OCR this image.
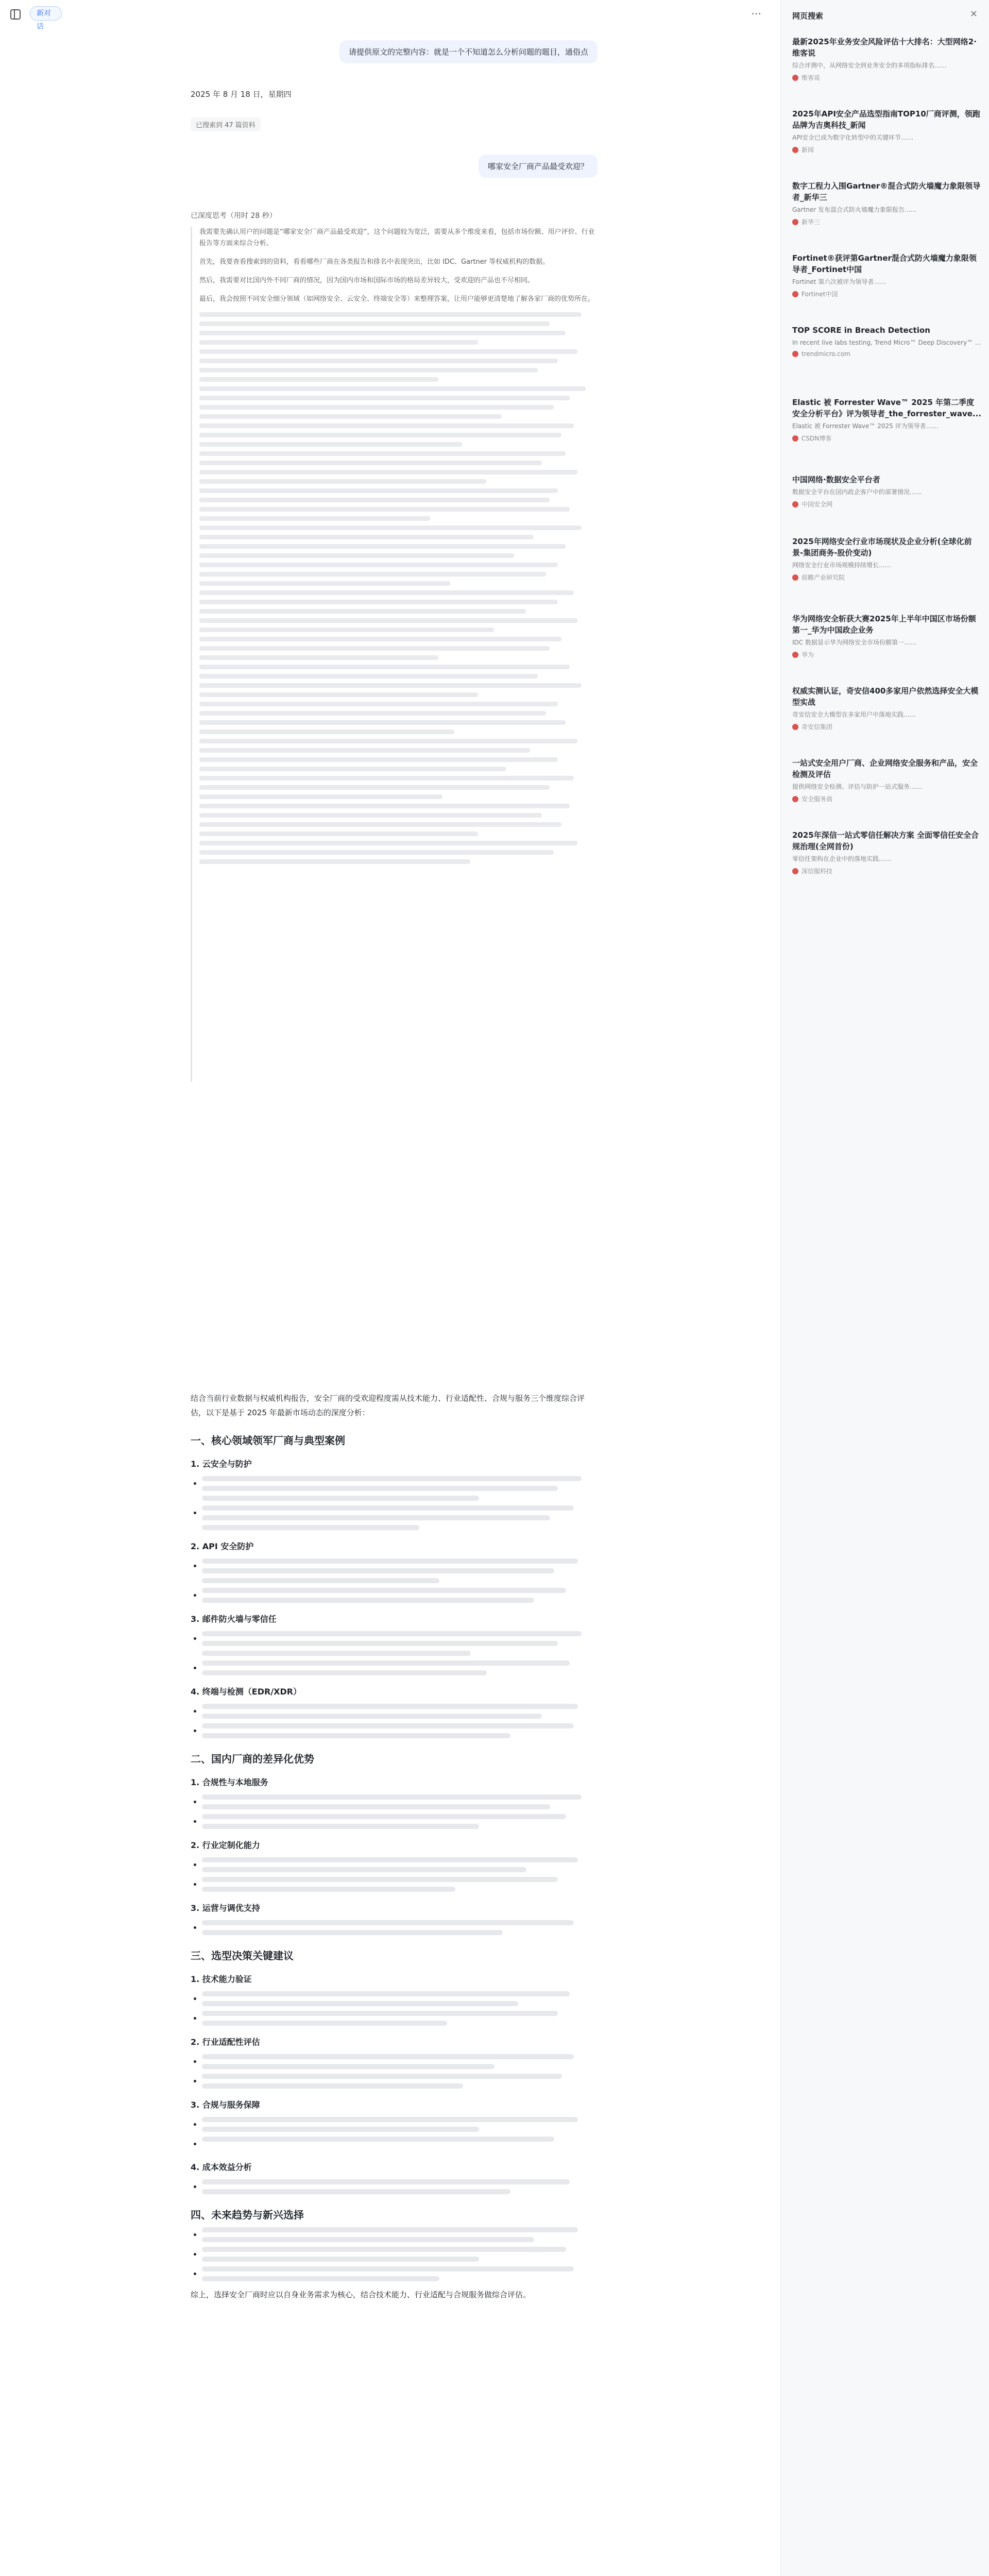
新对话
请提供原文的完整内容：就是一个不知道怎么分析问题的题目，通俗点
2025 年 8 月 18 日，星期四
已搜索到 47 篇资料
哪家安全厂商产品最受欢迎？
已深度思考（用时 28 秒）

我需要先确认用户的问题是“哪家安全厂商产品最受欢迎”，这个问题较为宽泛，需要从多个维度来看，包括市场份额、用户评价、行业报告等方面来综合分析。

首先，我要查看搜索到的资料，看看哪些厂商在各类报告和排名中表现突出，比如 IDC、Gartner 等权威机构的数据。

然后，我需要对比国内外不同厂商的情况，因为国内市场和国际市场的格局差异较大，受欢迎的产品也不尽相同。

最后，我会按照不同安全细分领域（如网络安全、云安全、终端安全等）来整理答案，让用户能够更清楚地了解各家厂商的优势所在。

结合当前行业数据与权威机构报告，安全厂商的受欢迎程度需从技术能力、行业适配性、合规与服务三个维度综合评估，以下是基于 2025 年最新市场动态的深度分析：

一、核心领域领军厂商与典型案例
1. 云安全与防护
•
•
2. API 安全防护
•
•
3. 邮件防火墙与零信任
•
•
4. 终端与检测（EDR/XDR）
•
•
二、国内厂商的差异化优势
1. 合规性与本地服务
•
•
2. 行业定制化能力
•
•
3. 运营与调优支持
•
三、选型决策关键建议
1. 技术能力验证
•
•
2. 行业适配性评估
•
•
3. 合规与服务保障
•
•
4. 成本效益分析
•
四、未来趋势与新兴选择
•
•
•

综上，选择安全厂商时应以自身业务需求为核心，结合技术能力、行业适配与合规服务做综合评估。

⋯	网页搜索	×
最新2025年业务安全风险评估十大排名：大型网络2·维客说
综合评测中，从网络安全到业务安全的多项指标排名……
维客说
2025年API安全产品选型指南TOP10厂商评测，领跑品牌为吉奥科技_新闻
API安全已成为数字化转型中的关键环节……
新闻
数字工程力入围Gartner®混合式防火墙魔力象限领导者_新华三
Gartner 发布混合式防火墙魔力象限报告……
新华三
Fortinet®获评第Gartner混合式防火墙魔力象限领导者_Fortinet中国
Fortinet 第六次被评为领导者……
Fortinet中国
TOP SCORE in Breach Detection
In recent live labs testing, Trend Micro™ Deep Discovery™ ...
trendmicro.com
Elastic 被 Forrester Wave™ 2025 年第二季度安全分析平台》评为领导者_the_forrester_wave...
Elastic 被 Forrester Wave™ 2025 评为领导者……
CSDN博客
中国网络·数据安全平台者
数据安全平台在国内政企客户中的部署情况……
中国安全网
2025年网络安全行业市场现状及企业分析(全球化前景-集团商务-股价变动)
网络安全行业市场规模持续增长……
前瞻产业研究院
华为网络安全斩获大赛2025年上半年中国区市场份额第一_华为中国政企业务
IDC 数据显示华为网络安全市场份额第一……
华为
权威实测认证，奇安信400多家用户依然选择安全大模型实战
奇安信安全大模型在多家用户中落地实践……
奇安信集团
一站式安全用户厂商、企业网络安全服务和产品，安全检测及评估
提供网络安全检测、评估与防护一站式服务……
安全服务商
2025年深信一站式零信任解决方案 全面零信任安全合规治理(全网首份)
零信任架构在企业中的落地实践……
深信服科技
